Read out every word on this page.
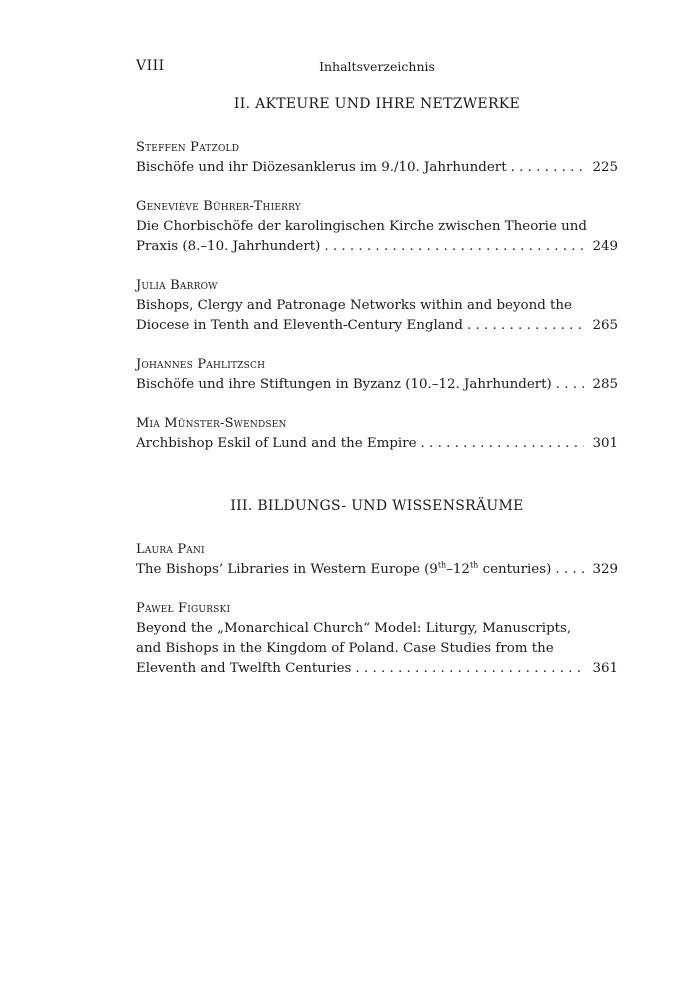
VIII	Inhaltsverzeichnis
II. AKTEURE UND IHRE NETZWERKE
Steffen Patzold
Bischöfe und ihr Diözesanklerus im 9./10. Jahrhundert . . .	225
Geneviève Bührer-Thierry
Die Chorbischöfe der karolingischen Kirche zwischen Theorie und
Praxis (8.–10. Jahrhundert) . . .	249
Julia Barrow
Bishops, Clergy and Patronage Networks within and beyond the
Diocese in Tenth and Eleventh-Century England . . .	265
Johannes Pahlitzsch
Bischöfe und ihre Stiftungen in Byzanz (10.–12. Jahrhundert) . . .	285
Mia Münster-Swendsen
Archbishop Eskil of Lund and the Empire . . .	301
III. BILDUNGS- UND WISSENSRÄUME
Laura Pani
The Bishops’ Libraries in Western Europe (9th–12th centuries) . . .	329
Paweł Figurski
Beyond the „Monarchical Church“ Model: Liturgy, Manuscripts,
and Bishops in the Kingdom of Poland. Case Studies from the
Eleventh and Twelfth Centuries . . .	361
